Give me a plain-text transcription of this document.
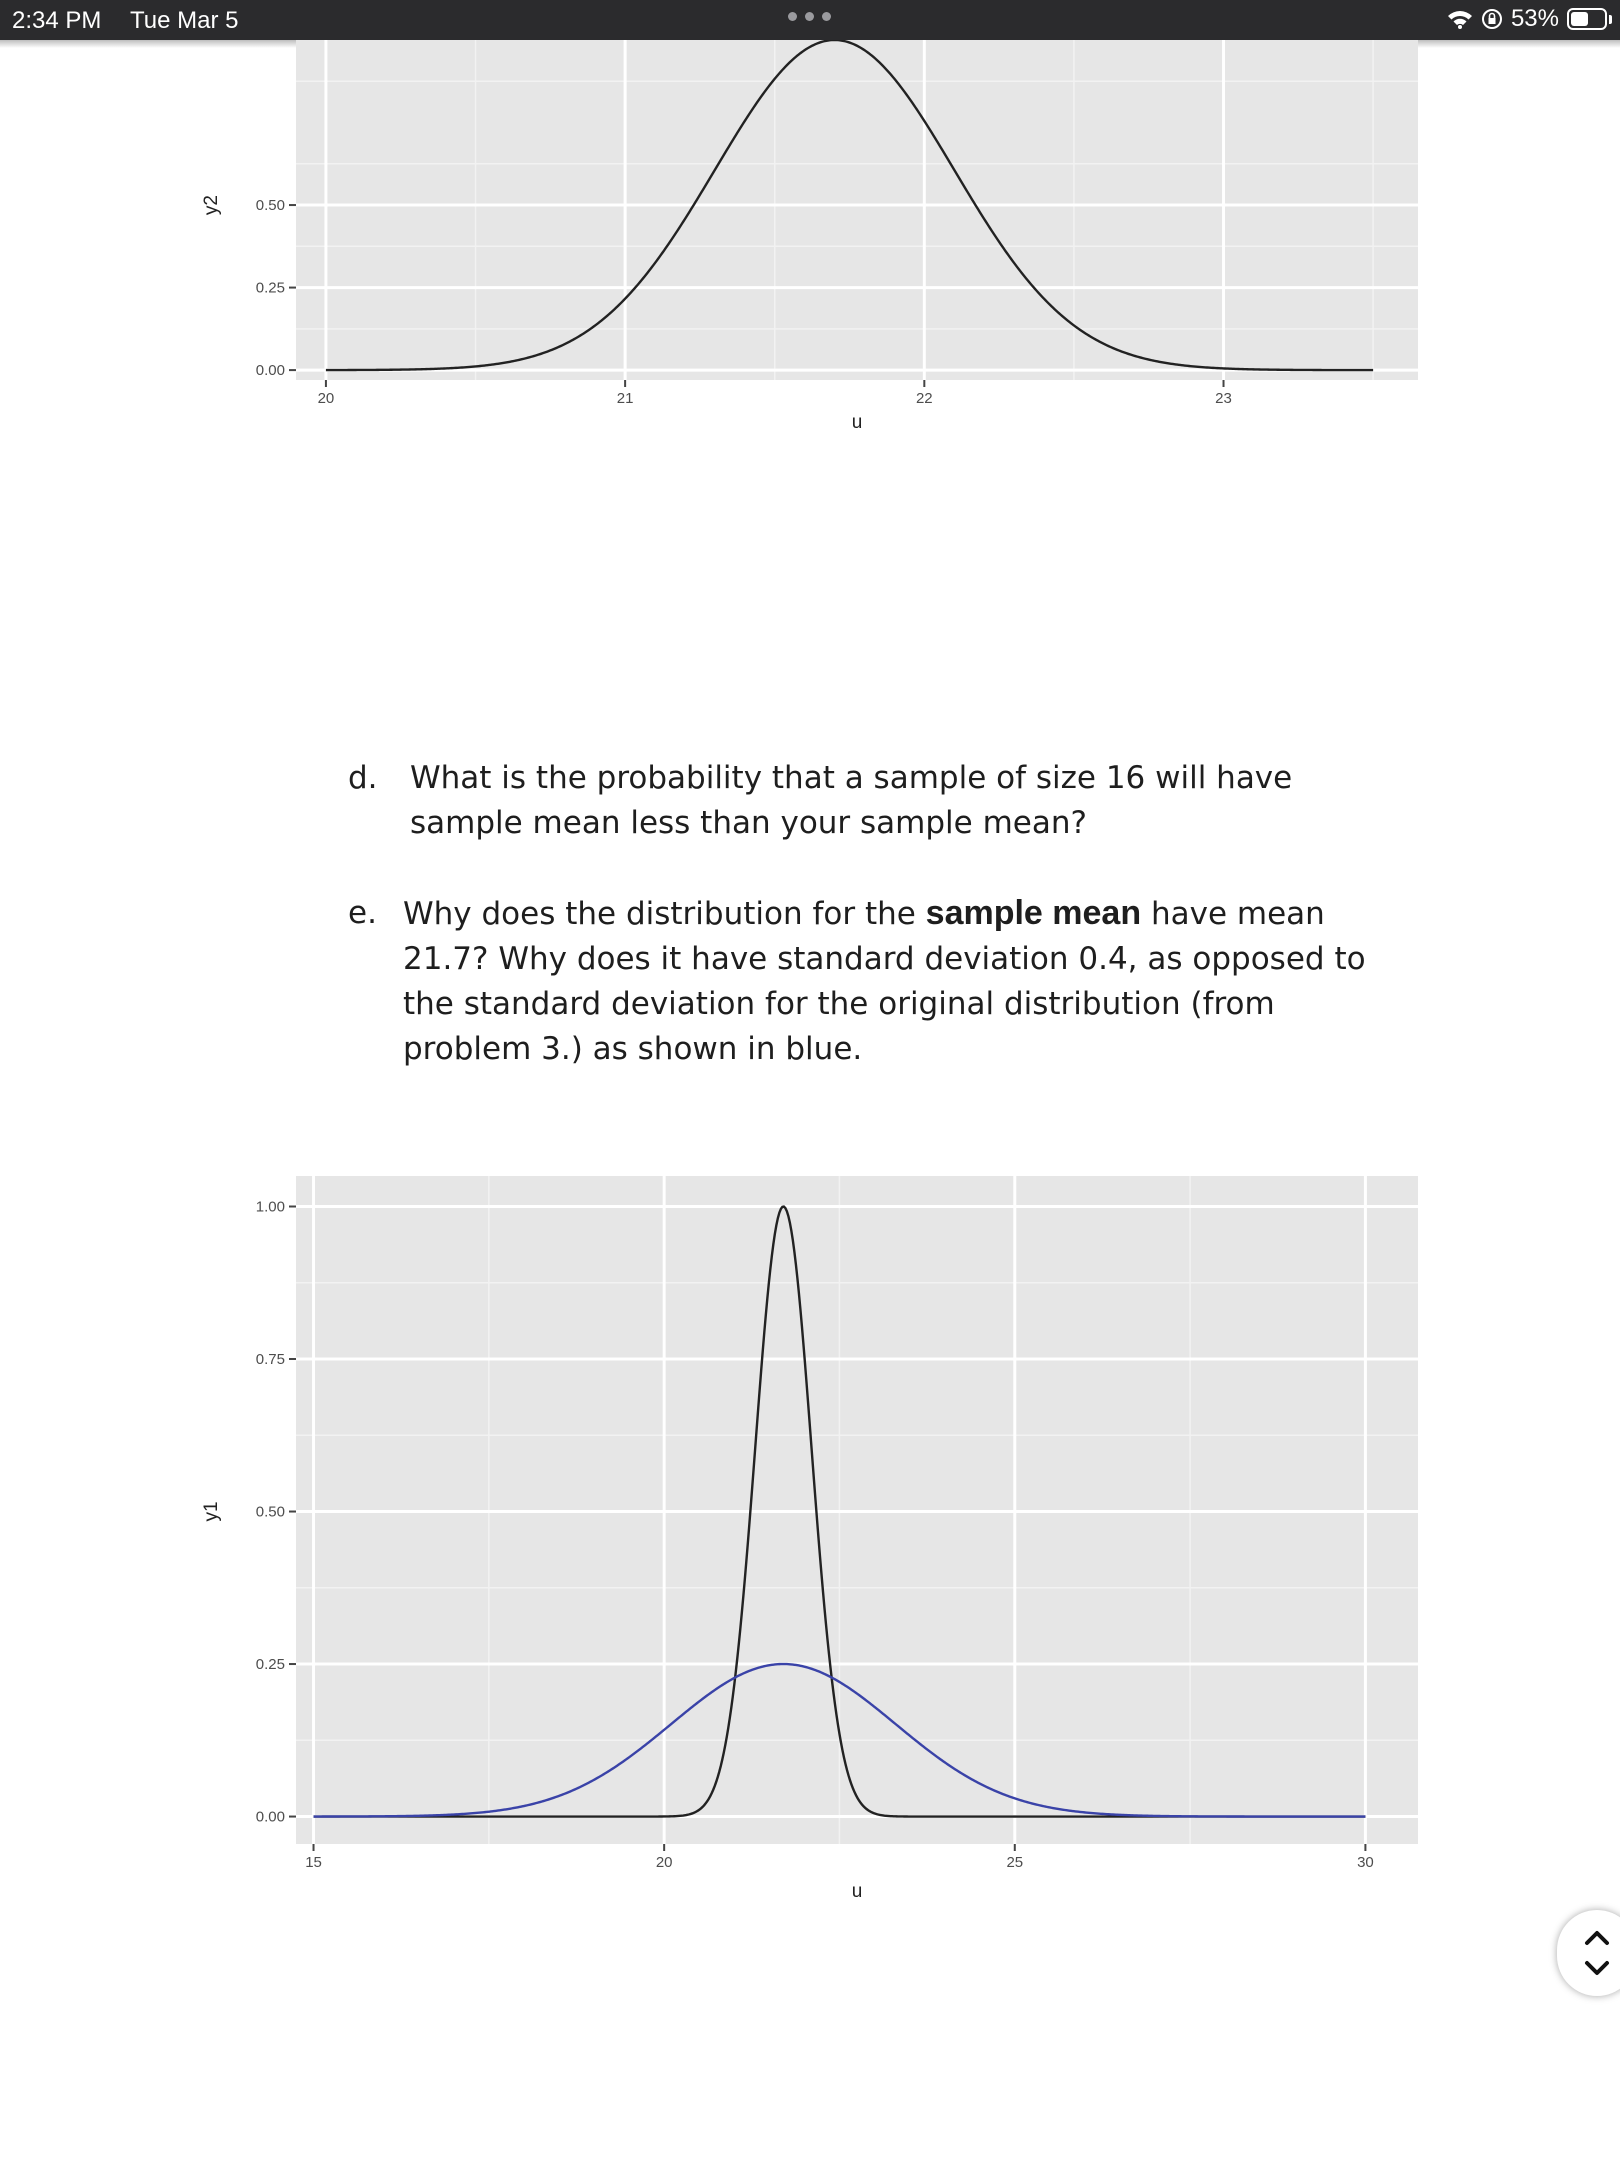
2:34 PM Tue Mar 5	53%
0.00
0.25
0.50
20	21	22	23
u
y2
d. What is the probability that a sample of size 16 will have sample mean less than your sample mean?
e. Why does the distribution for the sample mean have mean 21.7? Why does it have standard deviation 0.4, as opposed to the standard deviation for the original distribution (from problem 3.) as shown in blue.
0.00
0.25
0.50
0.75
1.00
15	20	25	30
u
y1
